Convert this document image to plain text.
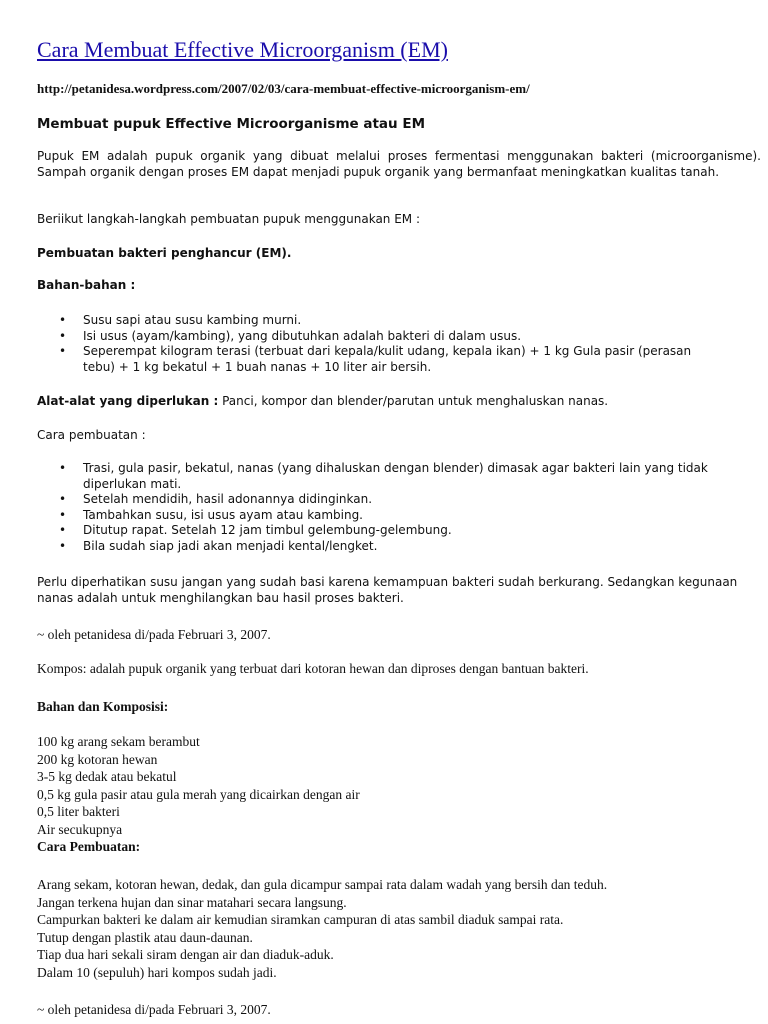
Cara Membuat Effective Microorganism (EM)
http://petanidesa.wordpress.com/2007/02/03/cara-membuat-effective-microorganism-em/
Membuat pupuk Effective Microorganisme atau EM

Pupuk EM adalah pupuk organik yang dibuat melalui proses fermentasi menggunakan bakteri (microorganisme). Sampah organik dengan proses EM dapat menjadi pupuk organik yang bermanfaat meningkatkan kualitas tanah.

Beriikut langkah-langkah pembuatan pupuk menggunakan EM :

Pembuatan bakteri penghancur (EM).

Bahan-bahan :

• Susu sapi atau susu kambing murni.
• Isi usus (ayam/kambing), yang dibutuhkan adalah bakteri di dalam usus.
• Seperempat kilogram terasi (terbuat dari kepala/kulit udang, kepala ikan) + 1 kg Gula pasir (perasan tebu) + 1 kg bekatul + 1 buah nanas + 10 liter air bersih.

Alat-alat yang diperlukan : Panci, kompor dan blender/parutan untuk menghaluskan nanas.

Cara pembuatan :

• Trasi, gula pasir, bekatul, nanas (yang dihaluskan dengan blender) dimasak agar bakteri lain yang tidak diperlukan mati.
• Setelah mendidih, hasil adonannya didinginkan.
• Tambahkan susu, isi usus ayam atau kambing.
• Ditutup rapat. Setelah 12 jam timbul gelembung-gelembung.
• Bila sudah siap jadi akan menjadi kental/lengket.

Perlu diperhatikan susu jangan yang sudah basi karena kemampuan bakteri sudah berkurang. Sedangkan kegunaan nanas adalah untuk menghilangkan bau hasil proses bakteri.

~ oleh petanidesa di/pada Februari 3, 2007.

Kompos: adalah pupuk organik yang terbuat dari kotoran hewan dan diproses dengan bantuan bakteri.

Bahan dan Komposisi:

100 kg arang sekam berambut
200 kg kotoran hewan
3-5 kg dedak atau bekatul
0,5 kg gula pasir atau gula merah yang dicairkan dengan air
0,5 liter bakteri
Air secukupnya
Cara Pembuatan:
Arang sekam, kotoran hewan, dedak, dan gula dicampur sampai rata dalam wadah yang bersih dan teduh.
Jangan terkena hujan dan sinar matahari secara langsung.
Campurkan bakteri ke dalam air kemudian siramkan campuran di atas sambil diaduk sampai rata.
Tutup dengan plastik atau daun-daunan.
Tiap dua hari sekali siram dengan air dan diaduk-aduk.
Dalam 10 (sepuluh) hari kompos sudah jadi.

~ oleh petanidesa di/pada Februari 3, 2007.
